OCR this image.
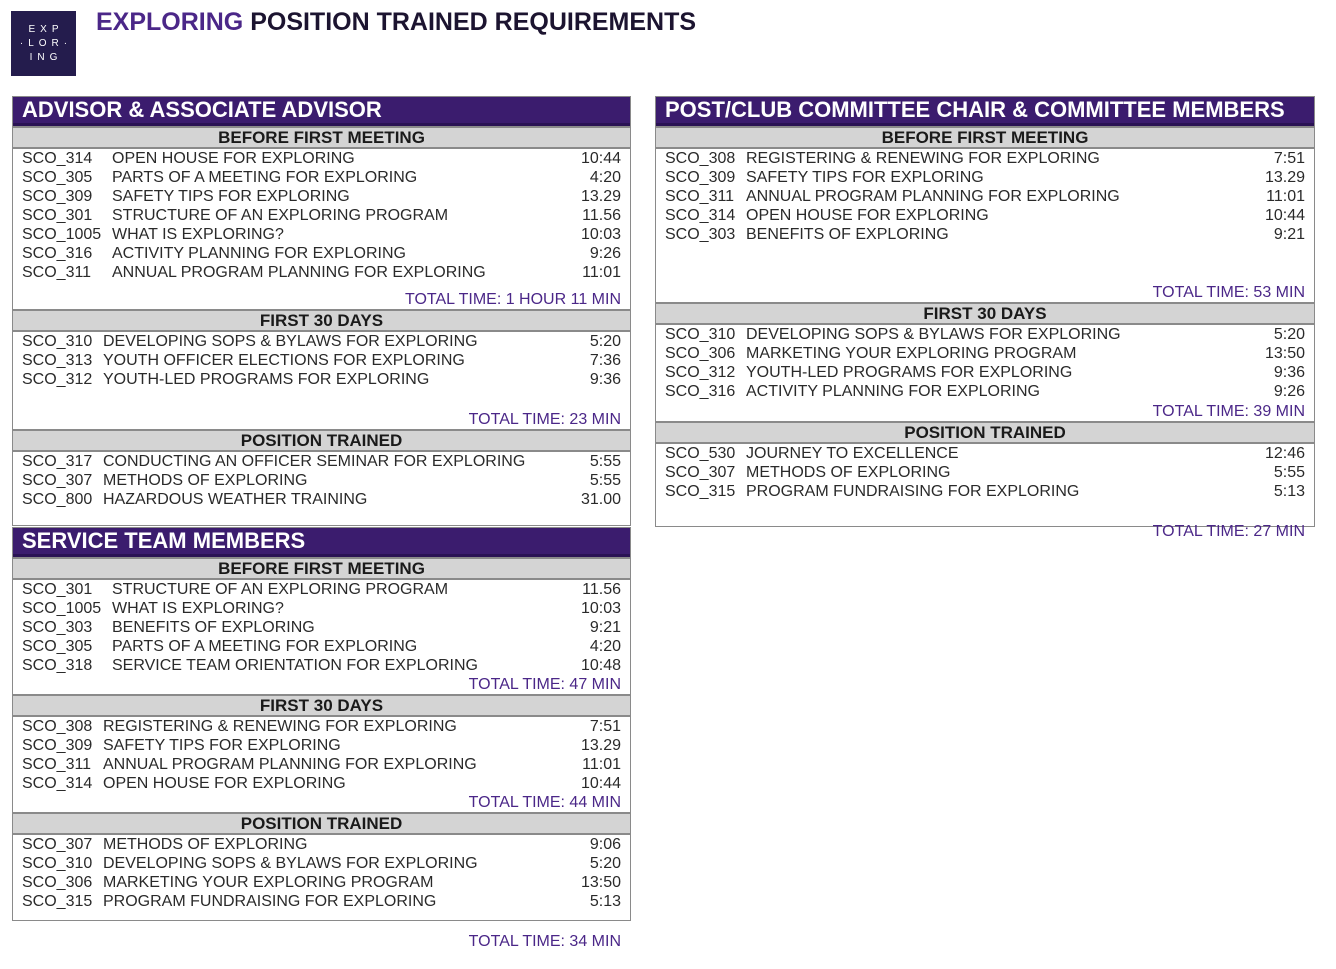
EXP
·LOR·
ING
EXPLORING POSITION TRAINED REQUIREMENTS
ADVISOR & ASSOCIATE ADVISOR
BEFORE FIRST MEETING
SCO_314	OPEN HOUSE FOR EXPLORING	10:44
SCO_305	PARTS OF A MEETING FOR EXPLORING	4:20
SCO_309	SAFETY TIPS FOR EXPLORING	13.29
SCO_301	STRUCTURE OF AN EXPLORING PROGRAM	11.56
SCO_1005 WHAT IS EXPLORING?	10:03
SCO_316	ACTIVITY PLANNING FOR EXPLORING	9:26
SCO_311	ANNUAL PROGRAM PLANNING FOR EXPLORING	11:01
TOTAL TIME: 1 HOUR 11 MIN
FIRST 30 DAYS
SCO_310 DEVELOPING SOPS & BYLAWS FOR EXPLORING	5:20
SCO_313 YOUTH OFFICER ELECTIONS FOR EXPLORING	7:36
SCO_312 YOUTH-LED PROGRAMS FOR EXPLORING	9:36
TOTAL TIME: 23 MIN
POSITION TRAINED
SCO_317 CONDUCTING AN OFFICER SEMINAR FOR EXPLORING	5:55
SCO_307 METHODS OF EXPLORING	5:55
SCO_800 HAZARDOUS WEATHER TRAINING	31.00
SERVICE TEAM MEMBERS
BEFORE FIRST MEETING
SCO_301	STRUCTURE OF AN EXPLORING PROGRAM	11.56
SCO_1005 WHAT IS EXPLORING?	10:03
SCO_303	BENEFITS OF EXPLORING	9:21
SCO_305	PARTS OF A MEETING FOR EXPLORING	4:20
SCO_318	SERVICE TEAM ORIENTATION FOR EXPLORING	10:48
TOTAL TIME: 47 MIN
FIRST 30 DAYS
SCO_308 REGISTERING & RENEWING FOR EXPLORING	7:51
SCO_309 SAFETY TIPS FOR EXPLORING	13.29
SCO_311 ANNUAL PROGRAM PLANNING FOR EXPLORING	11:01
SCO_314 OPEN HOUSE FOR EXPLORING	10:44
TOTAL TIME: 44 MIN
POSITION TRAINED
SCO_307 METHODS OF EXPLORING	9:06
SCO_310 DEVELOPING SOPS & BYLAWS FOR EXPLORING	5:20
SCO_306 MARKETING YOUR EXPLORING PROGRAM	13:50
SCO_315 PROGRAM FUNDRAISING FOR EXPLORING	5:13
TOTAL TIME: 34 MIN
POST/CLUB COMMITTEE CHAIR & COMMITTEE MEMBERS
BEFORE FIRST MEETING
SCO_308 REGISTERING & RENEWING FOR EXPLORING	7:51
SCO_309 SAFETY TIPS FOR EXPLORING	13.29
SCO_311 ANNUAL PROGRAM PLANNING FOR EXPLORING	11:01
SCO_314 OPEN HOUSE FOR EXPLORING	10:44
SCO_303 BENEFITS OF EXPLORING	9:21
TOTAL TIME: 53 MIN
FIRST 30 DAYS
SCO_310 DEVELOPING SOPS & BYLAWS FOR EXPLORING	5:20
SCO_306 MARKETING YOUR EXPLORING PROGRAM	13:50
SCO_312 YOUTH-LED PROGRAMS FOR EXPLORING	9:36
SCO_316 ACTIVITY PLANNING FOR EXPLORING	9:26
TOTAL TIME: 39 MIN
POSITION TRAINED
SCO_530 JOURNEY TO EXCELLENCE	12:46
SCO_307 METHODS OF EXPLORING	5:55
SCO_315 PROGRAM FUNDRAISING FOR EXPLORING	5:13
TOTAL TIME: 27 MIN
